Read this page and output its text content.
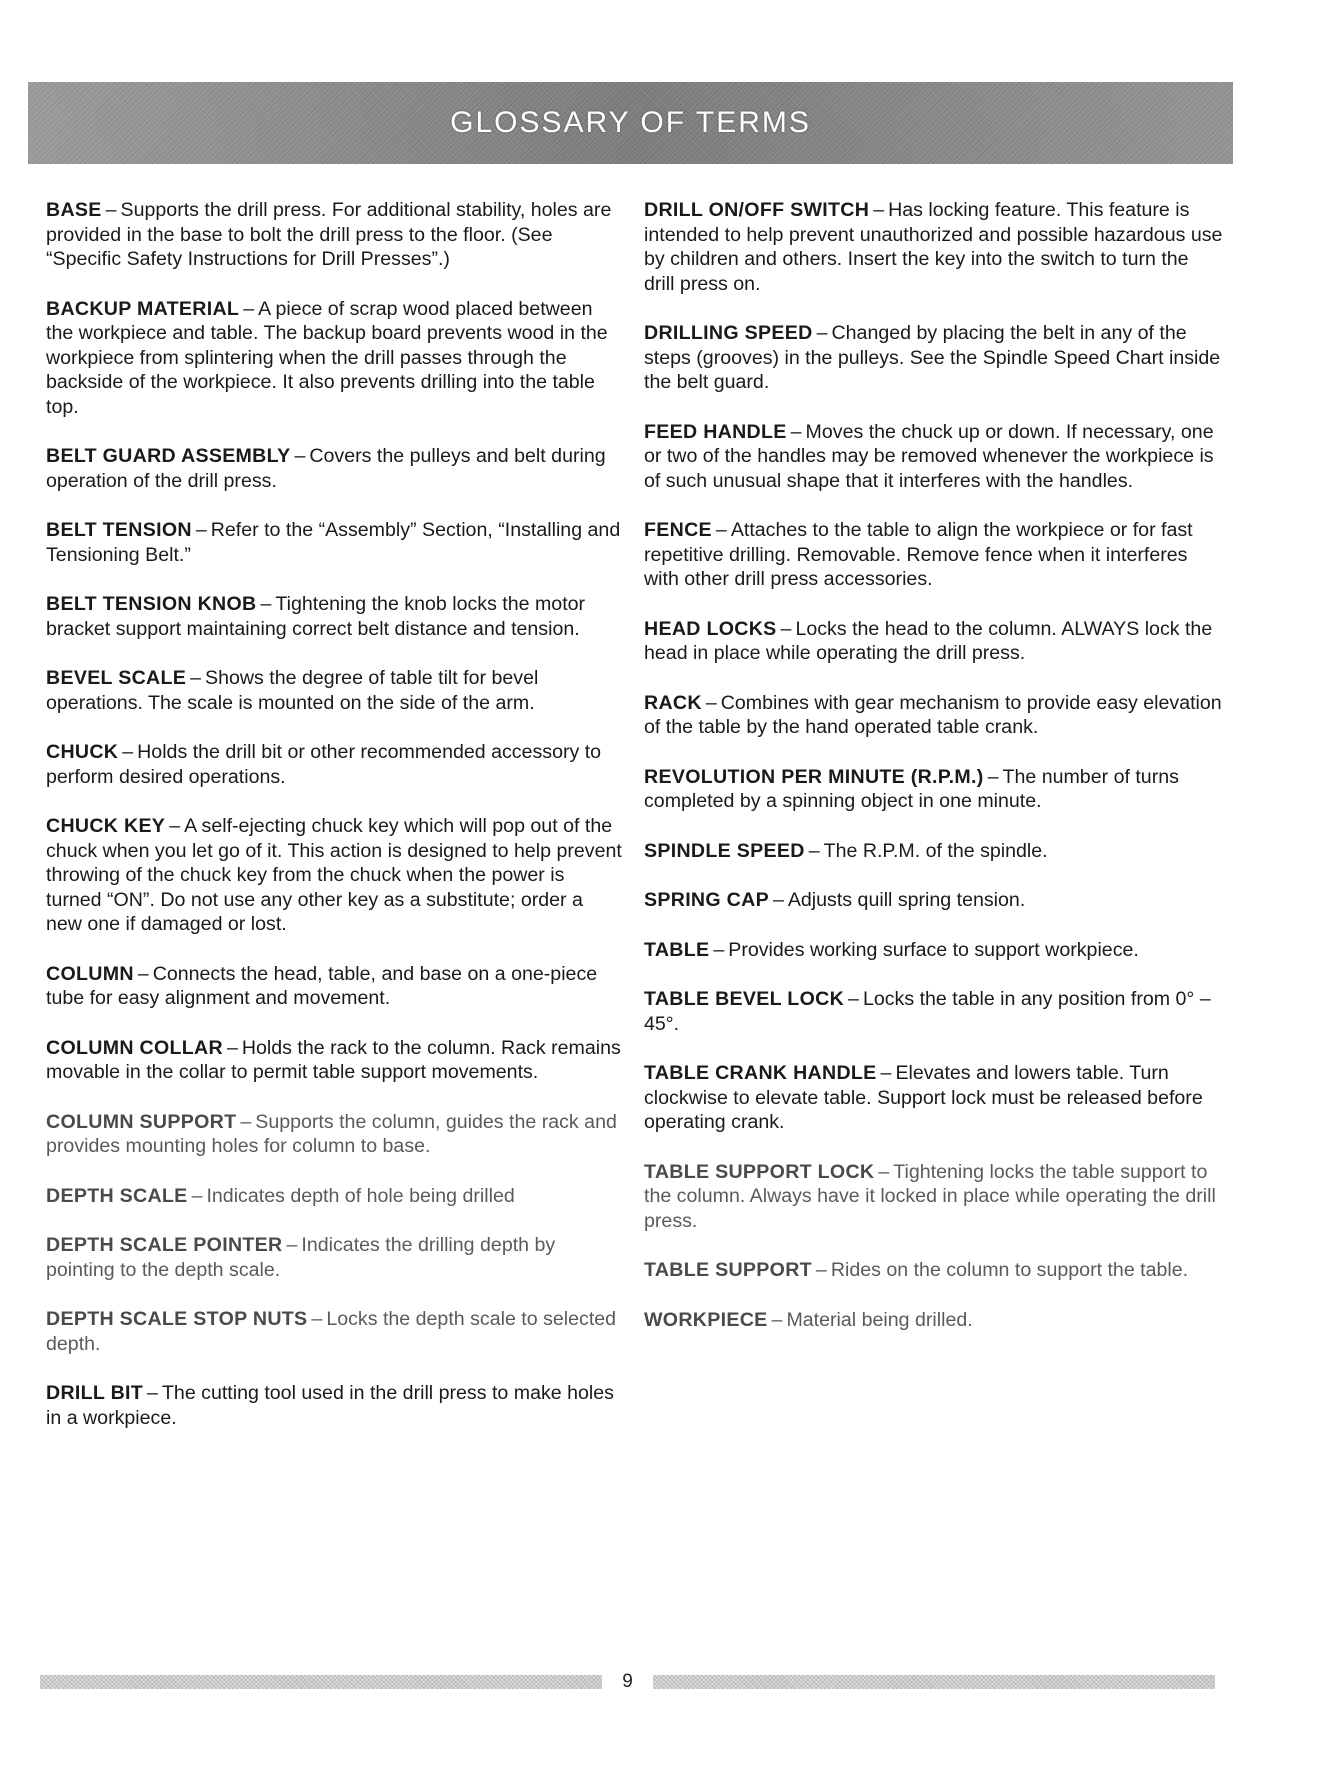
GLOSSARY OF TERMS

BASE – Supports the drill press. For additional stability, holes are provided in the base to bolt the drill press to the floor. (See “Specific Safety Instructions for Drill Presses”.)

BACKUP MATERIAL – A piece of scrap wood placed between the workpiece and table. The backup board prevents wood in the workpiece from splintering when the drill passes through the backside of the workpiece. It also prevents drilling into the table top.

BELT GUARD ASSEMBLY – Covers the pulleys and belt during operation of the drill press.

BELT TENSION – Refer to the “Assembly” Section, “Installing and Tensioning Belt.”

BELT TENSION KNOB – Tightening the knob locks the motor bracket support maintaining correct belt distance and tension.

BEVEL SCALE – Shows the degree of table tilt for bevel operations. The scale is mounted on the side of the arm.

CHUCK – Holds the drill bit or other recommended accessory to perform desired operations.

CHUCK KEY – A self-ejecting chuck key which will pop out of the chuck when you let go of it. This action is designed to help prevent throwing of the chuck key from the chuck when the power is turned “ON”. Do not use any other key as a substitute; order a new one if damaged or lost.

COLUMN – Connects the head, table, and base on a one-piece tube for easy alignment and movement.

COLUMN COLLAR – Holds the rack to the column. Rack remains movable in the collar to permit table support movements.

COLUMN SUPPORT – Supports the column, guides the rack and provides mounting holes for column to base.

DEPTH SCALE – Indicates depth of hole being drilled

DEPTH SCALE POINTER – Indicates the drilling depth by pointing to the depth scale.

DEPTH SCALE STOP NUTS – Locks the depth scale to selected depth.

DRILL BIT – The cutting tool used in the drill press to make holes in a workpiece.

DRILL ON/OFF SWITCH – Has locking feature. This feature is intended to help prevent unauthorized and possible hazardous use by children and others. Insert the key into the switch to turn the drill press on.

DRILLING SPEED – Changed by placing the belt in any of the steps (grooves) in the pulleys. See the Spindle Speed Chart inside the belt guard.

FEED HANDLE – Moves the chuck up or down. If necessary, one or two of the handles may be removed whenever the workpiece is of such unusual shape that it interferes with the handles.

FENCE – Attaches to the table to align the workpiece or for fast repetitive drilling. Removable. Remove fence when it interferes with other drill press accessories.

HEAD LOCKS – Locks the head to the column. ALWAYS lock the head in place while operating the drill press.

RACK – Combines with gear mechanism to provide easy elevation of the table by the hand operated table crank.

REVOLUTION PER MINUTE (R.P.M.) – The number of turns completed by a spinning object in one minute.

SPINDLE SPEED – The R.P.M. of the spindle.

SPRING CAP – Adjusts quill spring tension.

TABLE – Provides working surface to support workpiece.

TABLE BEVEL LOCK – Locks the table in any position from 0° – 45°.

TABLE CRANK HANDLE – Elevates and lowers table. Turn clockwise to elevate table. Support lock must be released before operating crank.

TABLE SUPPORT LOCK – Tightening locks the table support to the column. Always have it locked in place while operating the drill press.

TABLE SUPPORT – Rides on the column to support the table.

WORKPIECE – Material being drilled.

9
